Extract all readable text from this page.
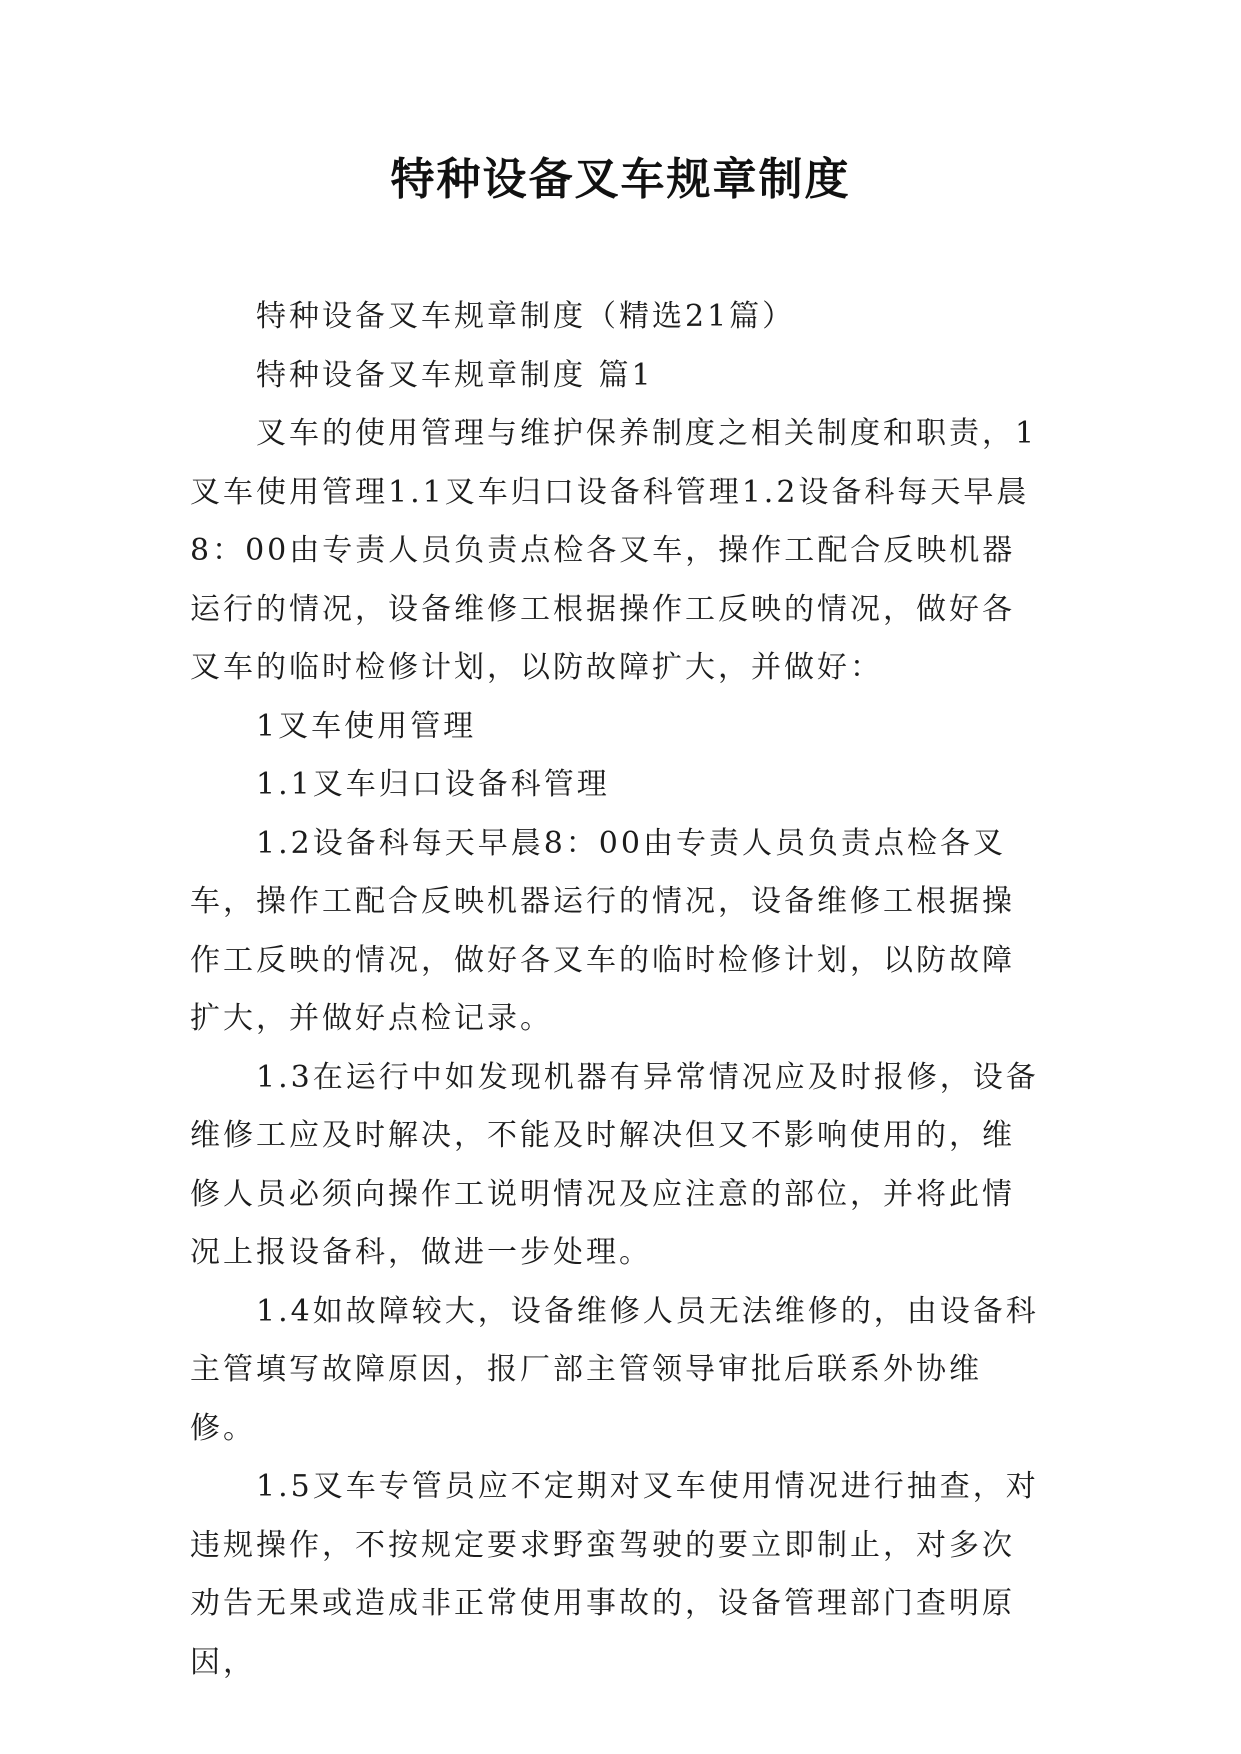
特种设备叉车规章制度

特种设备叉车规章制度（精选21篇）

特种设备叉车规章制度 篇1

叉车的使用管理与维护保养制度之相关制度和职责，1叉车使用管理1.1叉车归口设备科管理1.2设备科每天早晨8：00由专责人员负责点检各叉车，操作工配合反映机器运行的情况，设备维修工根据操作工反映的情况，做好各叉车的临时检修计划，以防故障扩大，并做好：

1叉车使用管理

1.1叉车归口设备科管理

1.2设备科每天早晨8：00由专责人员负责点检各叉车，操作工配合反映机器运行的情况，设备维修工根据操作工反映的情况，做好各叉车的临时检修计划，以防故障扩大，并做好点检记录。

1.3在运行中如发现机器有异常情况应及时报修，设备维修工应及时解决，不能及时解决但又不影响使用的，维修人员必须向操作工说明情况及应注意的部位，并将此情况上报设备科，做进一步处理。

1.4如故障较大，设备维修人员无法维修的，由设备科主管填写故障原因，报厂部主管领导审批后联系外协维修。

1.5叉车专管员应不定期对叉车使用情况进行抽查，对违规操作，不按规定要求野蛮驾驶的要立即制止，对多次劝告无果或造成非正常使用事故的，设备管理部门查明原因，
